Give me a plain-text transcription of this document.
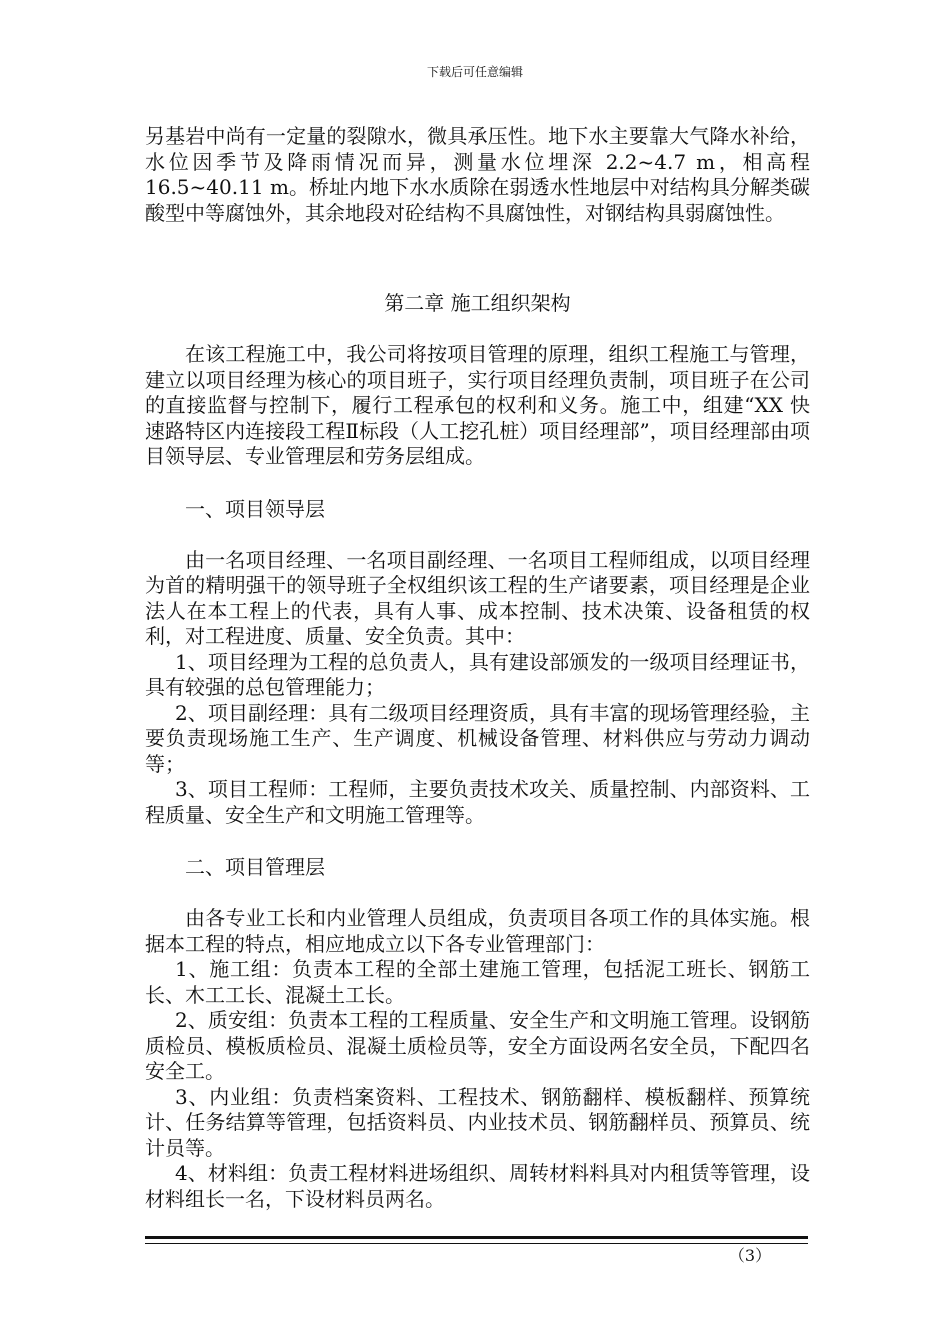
下载后可任意编辑

另基岩中尚有一定量的裂隙水，微具承压性。地下水主要靠大气降水补给，水位因季节及降雨情况而异，测量水位埋深 2.2~4.7 m，相高程 16.5~40.11 m。桥址内地下水水质除在弱透水性地层中对结构具分解类碳酸型中等腐蚀外，其余地段对砼结构不具腐蚀性，对钢结构具弱腐蚀性。

第二章 施工组织架构

在该工程施工中，我公司将按项目管理的原理，组织工程施工与管理，建立以项目经理为核心的项目班子，实行项目经理负责制，项目班子在公司的直接监督与控制下，履行工程承包的权利和义务。施工中，组建“XX 快速路特区内连接段工程Ⅱ标段（人工挖孔桩）项目经理部”，项目经理部由项目领导层、专业管理层和劳务层组成。

一、项目领导层

由一名项目经理、一名项目副经理、一名项目工程师组成，以项目经理为首的精明强干的领导班子全权组织该工程的生产诸要素，项目经理是企业法人在本工程上的代表，具有人事、成本控制、技术决策、设备租赁的权利，对工程进度、质量、安全负责。其中：

1、项目经理为工程的总负责人，具有建设部颁发的一级项目经理证书，具有较强的总包管理能力；

2、项目副经理：具有二级项目经理资质，具有丰富的现场管理经验，主要负责现场施工生产、生产调度、机械设备管理、材料供应与劳动力调动等；

3、项目工程师：工程师，主要负责技术攻关、质量控制、内部资料、工程质量、安全生产和文明施工管理等。

二、项目管理层

由各专业工长和内业管理人员组成，负责项目各项工作的具体实施。根据本工程的特点，相应地成立以下各专业管理部门：

1、施工组：负责本工程的全部土建施工管理，包括泥工班长、钢筋工长、木工工长、混凝土工长。

2、质安组：负责本工程的工程质量、安全生产和文明施工管理。设钢筋质检员、模板质检员、混凝土质检员等，安全方面设两名安全员，下配四名安全工。

3、内业组：负责档案资料、工程技术、钢筋翻样、模板翻样、预算统计、任务结算等管理，包括资料员、内业技术员、钢筋翻样员、预算员、统计员等。

4、材料组：负责工程材料进场组织、周转材料料具对内租赁等管理，设材料组长一名，下设材料员两名。

（3）
